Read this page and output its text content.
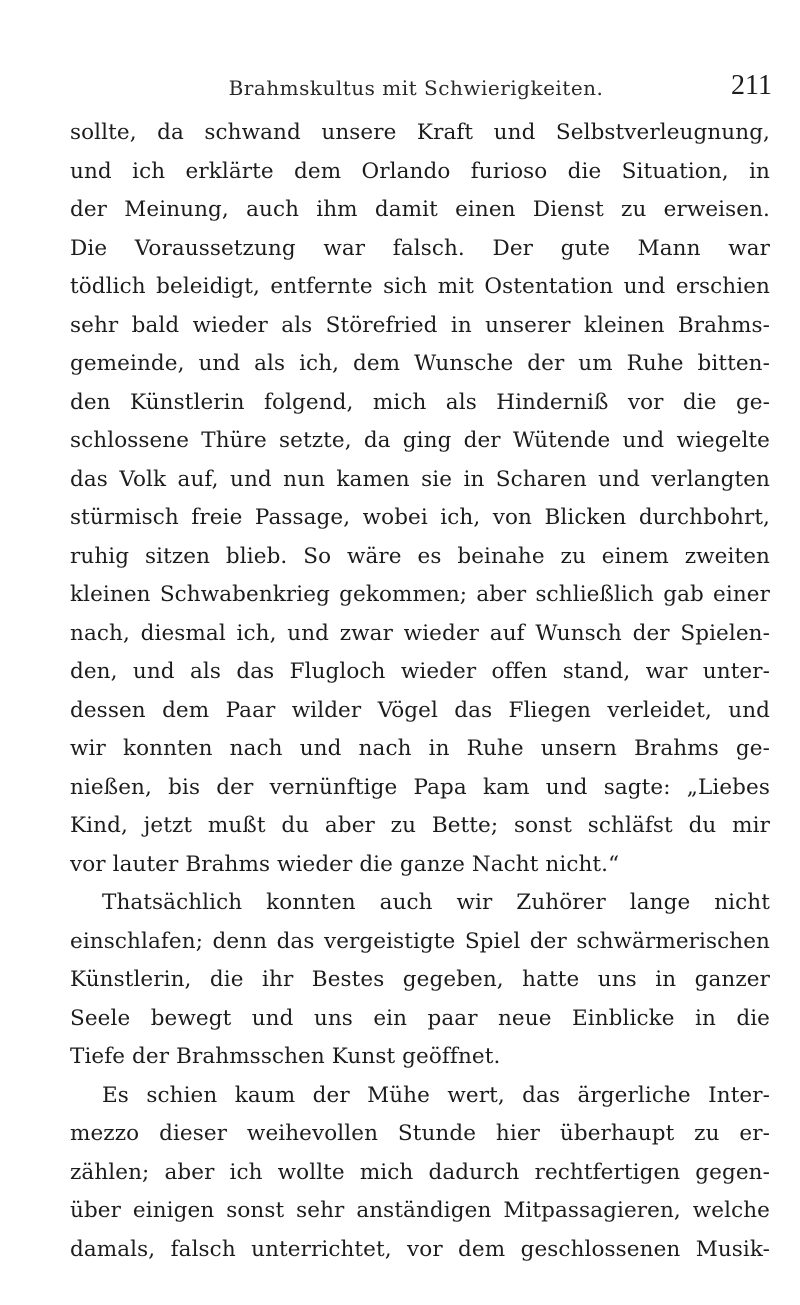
Brahmskultus mit Schwierigkeiten.	211
sollte, da schwand unsere Kraft und Selbstverleugnung,
und ich erklärte dem Orlando furioso die Situation, in
der Meinung, auch ihm damit einen Dienst zu erweisen.
Die Voraussetzung war falsch. Der gute Mann war
tödlich beleidigt, entfernte sich mit Ostentation und erschien
sehr bald wieder als Störefried in unserer kleinen Brahms-
gemeinde, und als ich, dem Wunsche der um Ruhe bitten-
den Künstlerin folgend, mich als Hinderniß vor die ge-
schlossene Thüre setzte, da ging der Wütende und wiegelte
das Volk auf, und nun kamen sie in Scharen und verlangten
stürmisch freie Passage, wobei ich, von Blicken durchbohrt,
ruhig sitzen blieb. So wäre es beinahe zu einem zweiten
kleinen Schwabenkrieg gekommen; aber schließlich gab einer
nach, diesmal ich, und zwar wieder auf Wunsch der Spielen-
den, und als das Flugloch wieder offen stand, war unter-
dessen dem Paar wilder Vögel das Fliegen verleidet, und
wir konnten nach und nach in Ruhe unsern Brahms ge-
nießen, bis der vernünftige Papa kam und sagte: „Liebes
Kind, jetzt mußt du aber zu Bette; sonst schläfst du mir
vor lauter Brahms wieder die ganze Nacht nicht.“
Thatsächlich konnten auch wir Zuhörer lange nicht
einschlafen; denn das vergeistigte Spiel der schwärmerischen
Künstlerin, die ihr Bestes gegeben, hatte uns in ganzer
Seele bewegt und uns ein paar neue Einblicke in die
Tiefe der Brahmsschen Kunst geöffnet.
Es schien kaum der Mühe wert, das ärgerliche Inter-
mezzo dieser weihevollen Stunde hier überhaupt zu er-
zählen; aber ich wollte mich dadurch rechtfertigen gegen-
über einigen sonst sehr anständigen Mitpassagieren, welche
damals, falsch unterrichtet, vor dem geschlossenen Musik-
